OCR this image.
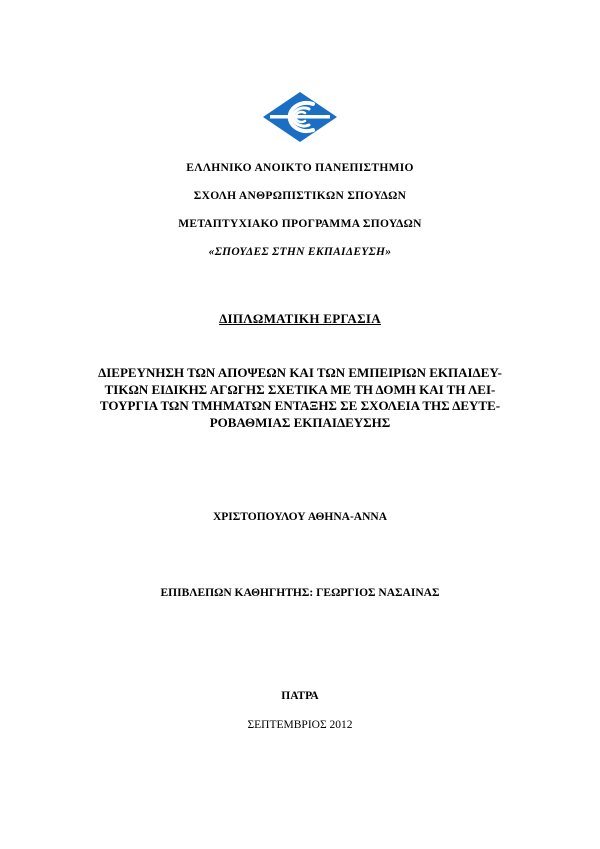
ΕΛΛΗΝΙΚΟ ΑΝΟΙΚΤΟ ΠΑΝΕΠΙΣΤΗΜΙΟ
ΣΧΟΛΗ ΑΝΘΡΩΠΙΣΤΙΚΩΝ ΣΠΟΥΔΩΝ
ΜΕΤΑΠΤΥΧΙΑΚΟ ΠΡΟΓΡΑΜΜΑ ΣΠΟΥΔΩΝ
«ΣΠΟΥΔΕΣ ΣΤΗΝ ΕΚΠΑΙΔΕΥΣΗ»
ΔΙΠΛΩΜΑΤΙΚΗ ΕΡΓΑΣΙΑ
ΔΙΕΡΕΥΝΗΣΗ ΤΩΝ ΑΠΟΨΕΩΝ ΚΑΙ ΤΩΝ ΕΜΠΕΙΡΙΩΝ ΕΚΠΑΙΔΕΥ-
ΤΙΚΩΝ ΕΙΔΙΚΗΣ ΑΓΩΓΗΣ ΣΧΕΤΙΚΑ ΜΕ ΤΗ ΔΟΜΗ ΚΑΙ ΤΗ ΛΕΙ-
ΤΟΥΡΓΙΑ ΤΩΝ ΤΜΗΜΑΤΩΝ ΕΝΤΑΞΗΣ ΣΕ ΣΧΟΛΕΙΑ ΤΗΣ ΔΕΥΤΕ-
ΡΟΒΑΘΜΙΑΣ ΕΚΠΑΙΔΕΥΣΗΣ
ΧΡΙΣΤΟΠΟΥΛΟΥ ΑΘΗΝΑ-ΑΝΝΑ
ΕΠΙΒΛΕΠΩΝ ΚΑΘΗΓΗΤΗΣ: ΓΕΩΡΓΙΟΣ ΝΑΣΑΙΝΑΣ
ΠΑΤΡΑ
ΣΕΠΤΕΜΒΡΙΟΣ 2012
